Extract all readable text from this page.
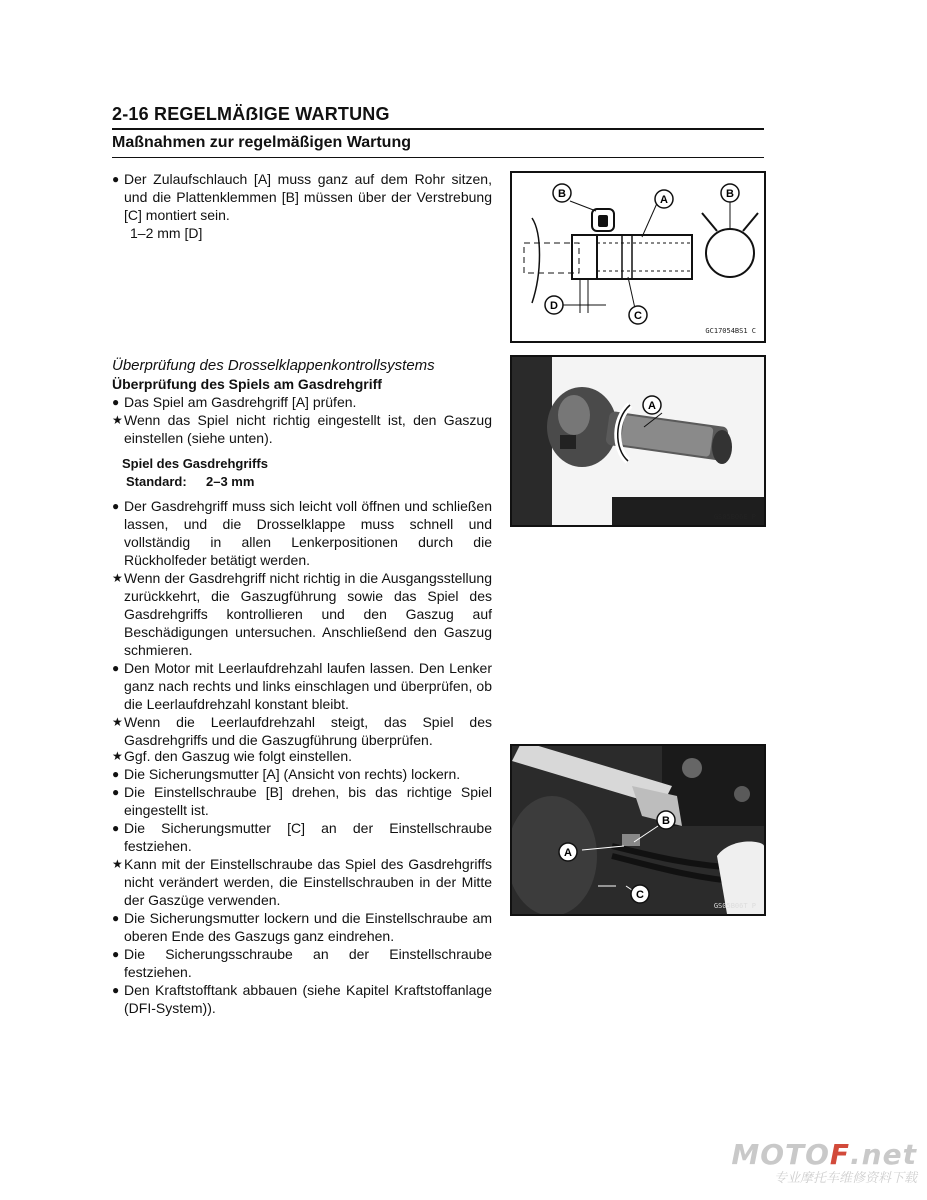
2-16 REGELMÄẞIGE WARTUNG
Maßnahmen zur regelmäßigen Wartung
● Der Zulaufschlauch [A] muss ganz auf dem Rohr sitzen, und die Plattenklemmen [B] müssen über der Verstrebung [C] montiert sein.
1–2 mm [D]
B	A	B
D
C
GC17054BS1 C
Überprüfung des Drosselklappenkontrollsystems
Überprüfung des Spiels am Gasdrehgriff
● Das Spiel am Gasdrehgriff [A] prüfen.
★ Wenn das Spiel nicht richtig eingestellt ist, den Gaszug einstellen (siehe unten).
Spiel des Gasdrehgriffs
Standard: 2–3 mm
● Der Gasdrehgriff muss sich leicht voll öffnen und schließen lassen, und die Drosselklappe muss schnell und vollständig in allen Lenkerpositionen durch die Rückholfeder betätigt werden.
★ Wenn der Gasdrehgriff nicht richtig in die Ausgangsstellung zurückkehrt, die Gaszugführung sowie das Spiel des Gasdrehgriffs kontrollieren und den Gaszug auf Beschädigungen untersuchen. Anschließend den Gaszug schmieren.
● Den Motor mit Leerlaufdrehzahl laufen lassen. Den Lenker ganz nach rechts und links einschlagen und überprüfen, ob die Leerlaufdrehzahl konstant bleibt.
★ Wenn die Leerlaufdrehzahl steigt, das Spiel des Gasdrehgriffs und die Gaszugführung überprüfen.
A
GS05B06E P
★ Ggf. den Gaszug wie folgt einstellen.
● Die Sicherungsmutter [A] (Ansicht von rechts) lockern.
● Die Einstellschraube [B] drehen, bis das richtige Spiel eingestellt ist.
● Die Sicherungsmutter [C] an der Einstellschraube festziehen.
★ Kann mit der Einstellschraube das Spiel des Gasdrehgriffs nicht verändert werden, die Einstellschrauben in der Mitte der Gaszüge verwenden.
● Die Sicherungsmutter lockern und die Einstellschraube am oberen Ende des Gaszugs ganz eindrehen.
● Die Sicherungsschraube an der Einstellschraube festziehen.
● Den Kraftstofftank abbauen (siehe Kapitel Kraftstoffanlage (DFI-System)).
A
B
C
GS05B06T P
MOTOF.net
专业摩托车维修资料下载
